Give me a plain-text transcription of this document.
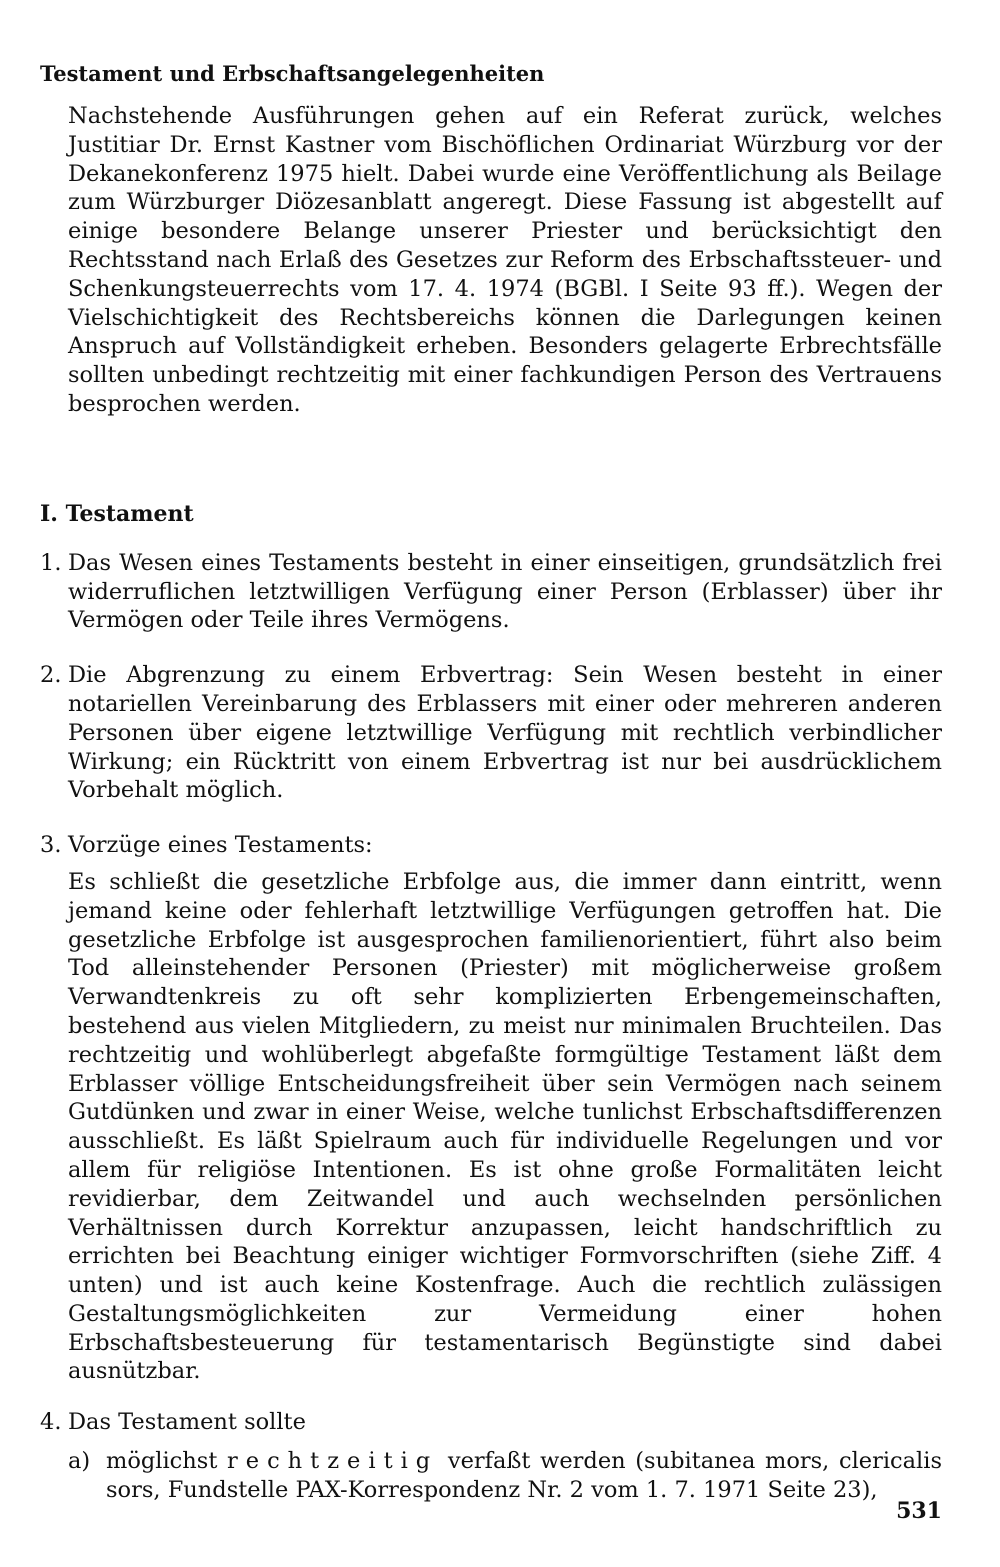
Testament und Erbschaftsangelegenheiten

Nachstehende Ausführungen gehen auf ein Referat zurück, welches Justitiar Dr. Ernst Kastner vom Bischöflichen Ordinariat Würzburg vor der Dekanekonferenz 1975 hielt. Dabei wurde eine Veröffentlichung als Beilage zum Würzburger Diözesanblatt angeregt. Diese Fassung ist abgestellt auf einige besondere Belange unserer Priester und berücksichtigt den Rechtsstand nach Erlaß des Gesetzes zur Reform des Erbschaftssteuer- und Schenkungsteuerrechts vom 17. 4. 1974 (BGBl. I Seite 93 ff.). Wegen der Vielschichtigkeit des Rechtsbereichs können die Darlegungen keinen Anspruch auf Vollständigkeit erheben. Besonders gelagerte Erbrechtsfälle sollten unbedingt rechtzeitig mit einer fachkundigen Person des Vertrauens besprochen werden.

I. Testament
1. Das Wesen eines Testaments besteht in einer einseitigen, grundsätzlich frei widerruflichen letztwilligen Verfügung einer Person (Erblasser) über ihr Vermögen oder Teile ihres Vermögens.

2. Die Abgrenzung zu einem Erbvertrag: Sein Wesen besteht in einer notariellen Vereinbarung des Erblassers mit einer oder mehreren anderen Personen über eigene letztwillige Verfügung mit rechtlich verbindlicher Wirkung; ein Rücktritt von einem Erbvertrag ist nur bei ausdrücklichem Vorbehalt möglich.

3. Vorzüge eines Testaments:

Es schließt die gesetzliche Erbfolge aus, die immer dann eintritt, wenn jemand keine oder fehlerhaft letztwillige Verfügungen getroffen hat. Die gesetzliche Erbfolge ist ausgesprochen familienorientiert, führt also beim Tod alleinstehender Personen (Priester) mit möglicherweise großem Verwandtenkreis zu oft sehr komplizierten Erbengemeinschaften, bestehend aus vielen Mitgliedern, zu meist nur minimalen Bruchteilen. Das rechtzeitig und wohlüberlegt abgefaßte formgültige Testament läßt dem Erblasser völlige Entscheidungsfreiheit über sein Vermögen nach seinem Gutdünken und zwar in einer Weise, welche tunlichst Erbschaftsdifferenzen ausschließt. Es läßt Spielraum auch für individuelle Regelungen und vor allem für religiöse Intentionen. Es ist ohne große Formalitäten leicht revidierbar, dem Zeitwandel und auch wechselnden persönlichen Verhältnissen durch Korrektur anzupassen, leicht handschriftlich zu errichten bei Beachtung einiger wichtiger Formvorschriften (siehe Ziff. 4 unten) und ist auch keine Kostenfrage. Auch die rechtlich zulässigen Gestaltungsmöglichkeiten zur Vermeidung einer hohen Erbschaftsbesteuerung für testamentarisch Begünstigte sind dabei ausnützbar.

4. Das Testament sollte

a) möglichst rechtzeitig verfaßt werden (subitanea mors, clericalis sors, Fundstelle PAX-Korrespondenz Nr. 2 vom 1. 7. 1971 Seite 23),

531
